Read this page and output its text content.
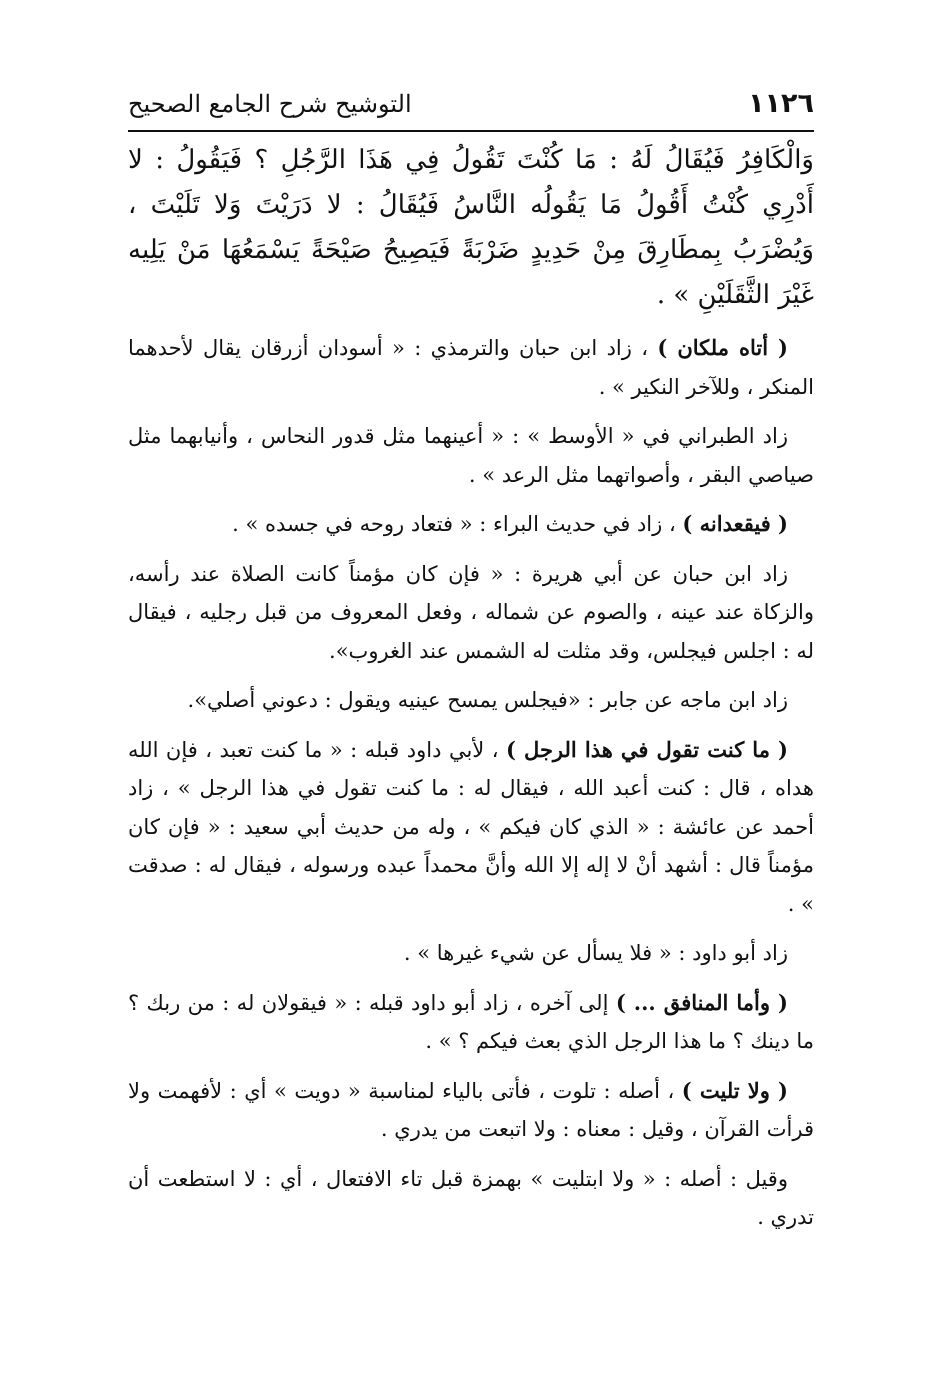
١١٢٦
التوشيح شرح الجامع الصحيح

وَالْكَافِرُ فَيُقَالُ لَهُ : مَا كُنْتَ تَقُولُ فِي هَذَا الرَّجُلِ ؟ فَيَقُولُ : لا أَدْرِي كُنْتُ أَقُولُ مَا يَقُولُه النَّاسُ فَيُقَالُ : لا دَرَيْتَ وَلا تَلَيْتَ ، وَيُضْرَبُ بِمطَارِقَ مِنْ حَدِيدٍ ضَرْبَةً فَيَصِيحُ صَيْحَةً يَسْمَعُهَا مَنْ يَلِيه غَيْرَ الثَّقَلَيْنِ » .

( أتاه ملكان ) ، زاد ابن حبان والترمذي : « أسودان أزرقان يقال لأحدهما المنكر ، وللآخر النكير » .

زاد الطبراني في « الأوسط » : « أعينهما مثل قدور النحاس ، وأنيابهما مثل صياصي البقر ، وأصواتهما مثل الرعد » .

( فيقعدانه ) ، زاد في حديث البراء : « فتعاد روحه في جسده » .

زاد ابن حبان عن أبي هريرة : « فإن كان مؤمناً كانت الصلاة عند رأسه، والزكاة عند عينه ، والصوم عن شماله ، وفعل المعروف من قبل رجليه ، فيقال له : اجلس فيجلس، وقد مثلت له الشمس عند الغروب».

زاد ابن ماجه عن جابر : «فيجلس يمسح عينيه ويقول : دعوني أصلي».

( ما كنت تقول في هذا الرجل ) ، لأبي داود قبله : « ما كنت تعبد ، فإن الله هداه ، قال : كنت أعبد الله ، فيقال له : ما كنت تقول في هذا الرجل » ، زاد أحمد عن عائشة : « الذي كان فيكم » ، وله من حديث أبي سعيد : « فإن كان مؤمناً قال : أشهد أنْ لا إله إلا الله وأنَّ محمداً عبده ورسوله ، فيقال له : صدقت » .

زاد أبو داود : « فلا يسأل عن شيء غيرها » .

( وأما المنافق ... ) إلى آخره ، زاد أبو داود قبله : « فيقولان له : من ربك ؟ ما دينك ؟ ما هذا الرجل الذي بعث فيكم ؟ » .

( ولا تليت ) ، أصله : تلوت ، فأتى بالياء لمناسبة « دويت » أي : لأفهمت ولا قرأت القرآن ، وقيل : معناه : ولا اتبعت من يدري .

وقيل : أصله : « ولا ابتليت » بهمزة قبل تاء الافتعال ، أي : لا استطعت أن تدري .
